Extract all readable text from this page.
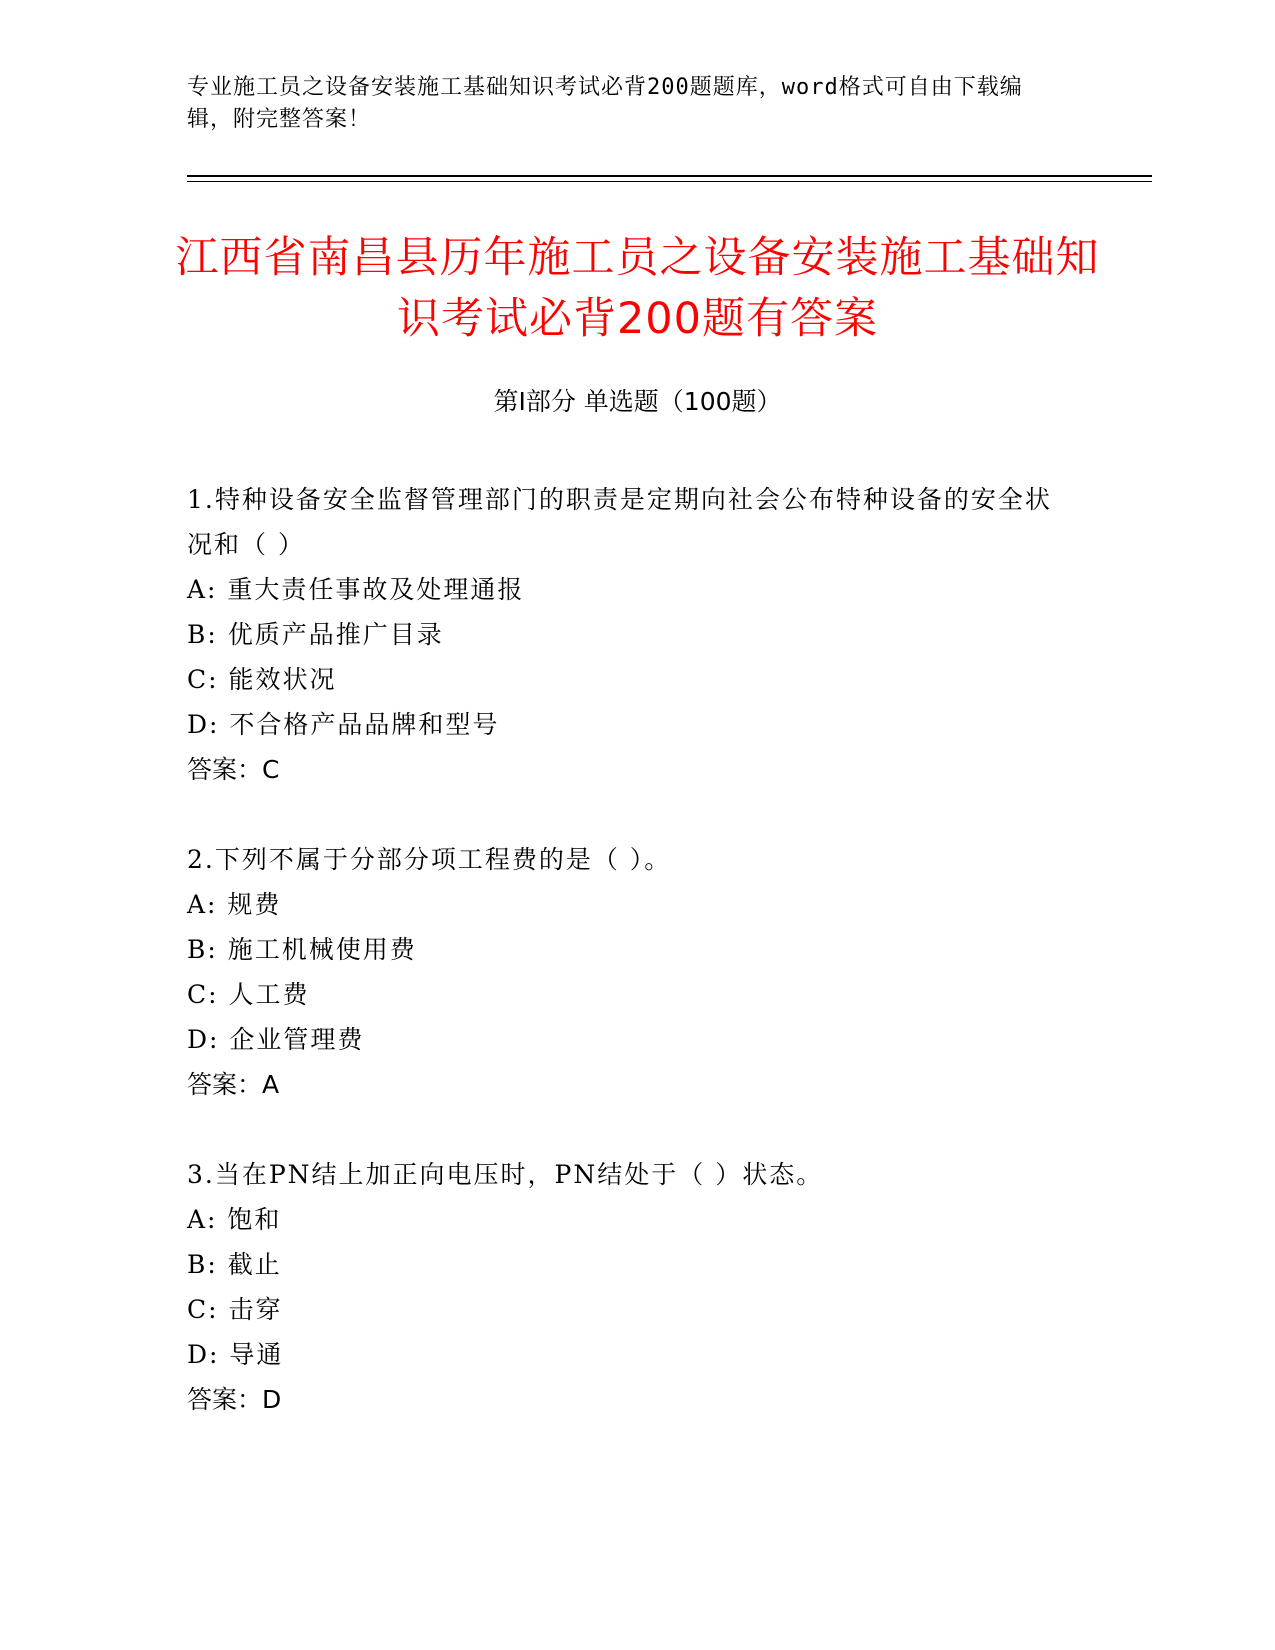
专业施工员之设备安装施工基础知识考试必背200题题库，word格式可自由下载编辑，附完整答案！
江西省南昌县历年施工员之设备安装施工基础知识考试必背200题有答案
第Ⅰ部分 单选题（100题）
1.特种设备安全监督管理部门的职责是定期向社会公布特种设备的安全状况和（ ）
A: 重大责任事故及处理通报
B: 优质产品推广目录
C: 能效状况
D: 不合格产品品牌和型号
答案：C
2.下列不属于分部分项工程费的是（ ）。
A: 规费
B: 施工机械使用费
C: 人工费
D: 企业管理费
答案：A
3.当在PN结上加正向电压时，PN结处于（ ）状态。
A: 饱和
B: 截止
C: 击穿
D: 导通
答案：D
